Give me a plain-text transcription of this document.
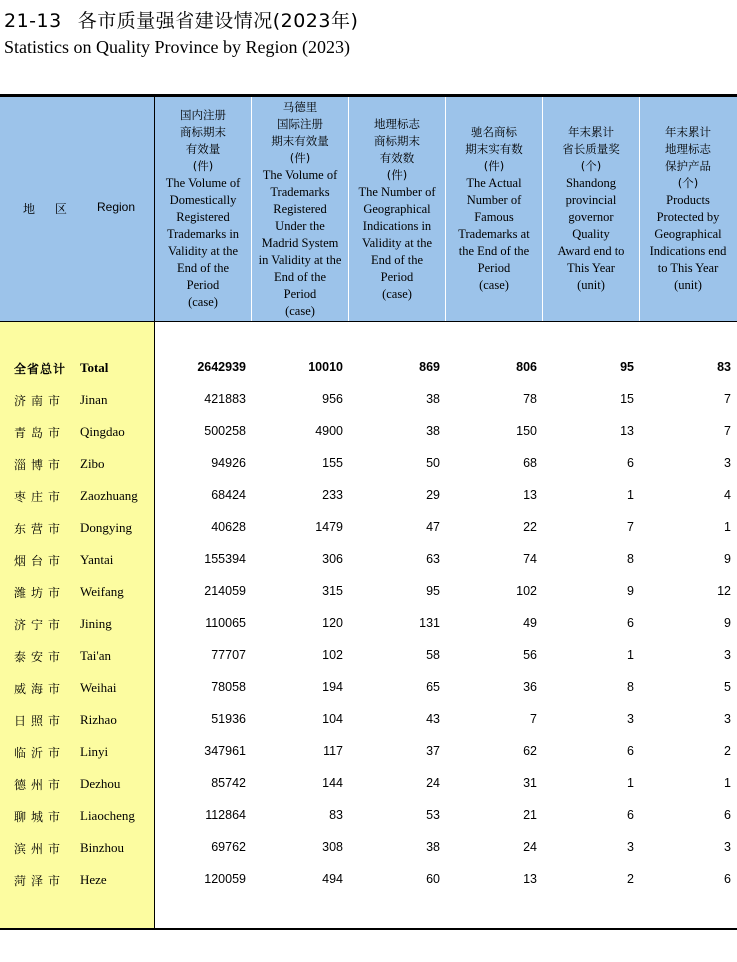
21-13 各市质量强省建设情况(2023年)
Statistics on Quality Province by Region (2023)
地 区 Region
国内注册
商标期末
有效量
(件)
The Volume of
Domestically
Registered
Trademarks in
Validity at the
End of the
Period
(case)
马德里
国际注册
期末有效量
(件)
The Volume of
Trademarks
Registered
Under the
Madrid System
in Validity at the
End of the
Period
(case)
地理标志
商标期末
有效数
(件)
The Number of
Geographical
Indications in
Validity at the
End of the
Period
(case)
驰名商标
期末实有数
(件)
The Actual
Number of
Famous
Trademarks at
the End of the
Period
(case)
年末累计
省长质量奖
(个)
Shandong
provincial
governor
Quality
Award end to
This Year
(unit)
年末累计
地理标志
保护产品
(个)
Products
Protected by
Geographical
Indications end
to This Year
(unit)
全省总计 Total	2642939	10010	869	806	95	83
济南市 Jinan	421883	956	38	78	15	7
青岛市 Qingdao	500258	4900	38	150	13	7
淄博市 Zibo	94926	155	50	68	6	3
枣庄市 Zaozhuang	68424	233	29	13	1	4
东营市 Dongying	40628	1479	47	22	7	1
烟台市 Yantai	155394	306	63	74	8	9
潍坊市 Weifang	214059	315	95	102	9	12
济宁市 Jining	110065	120	131	49	6	9
泰安市 Tai'an	77707	102	58	56	1	3
威海市 Weihai	78058	194	65	36	8	5
日照市 Rizhao	51936	104	43	7	3	3
临沂市 Linyi	347961	117	37	62	6	2
德州市 Dezhou	85742	144	24	31	1	1
聊城市 Liaocheng	112864	83	53	21	6	6
滨州市 Binzhou	69762	308	38	24	3	3
菏泽市 Heze	120059	494	60	13	2	6
